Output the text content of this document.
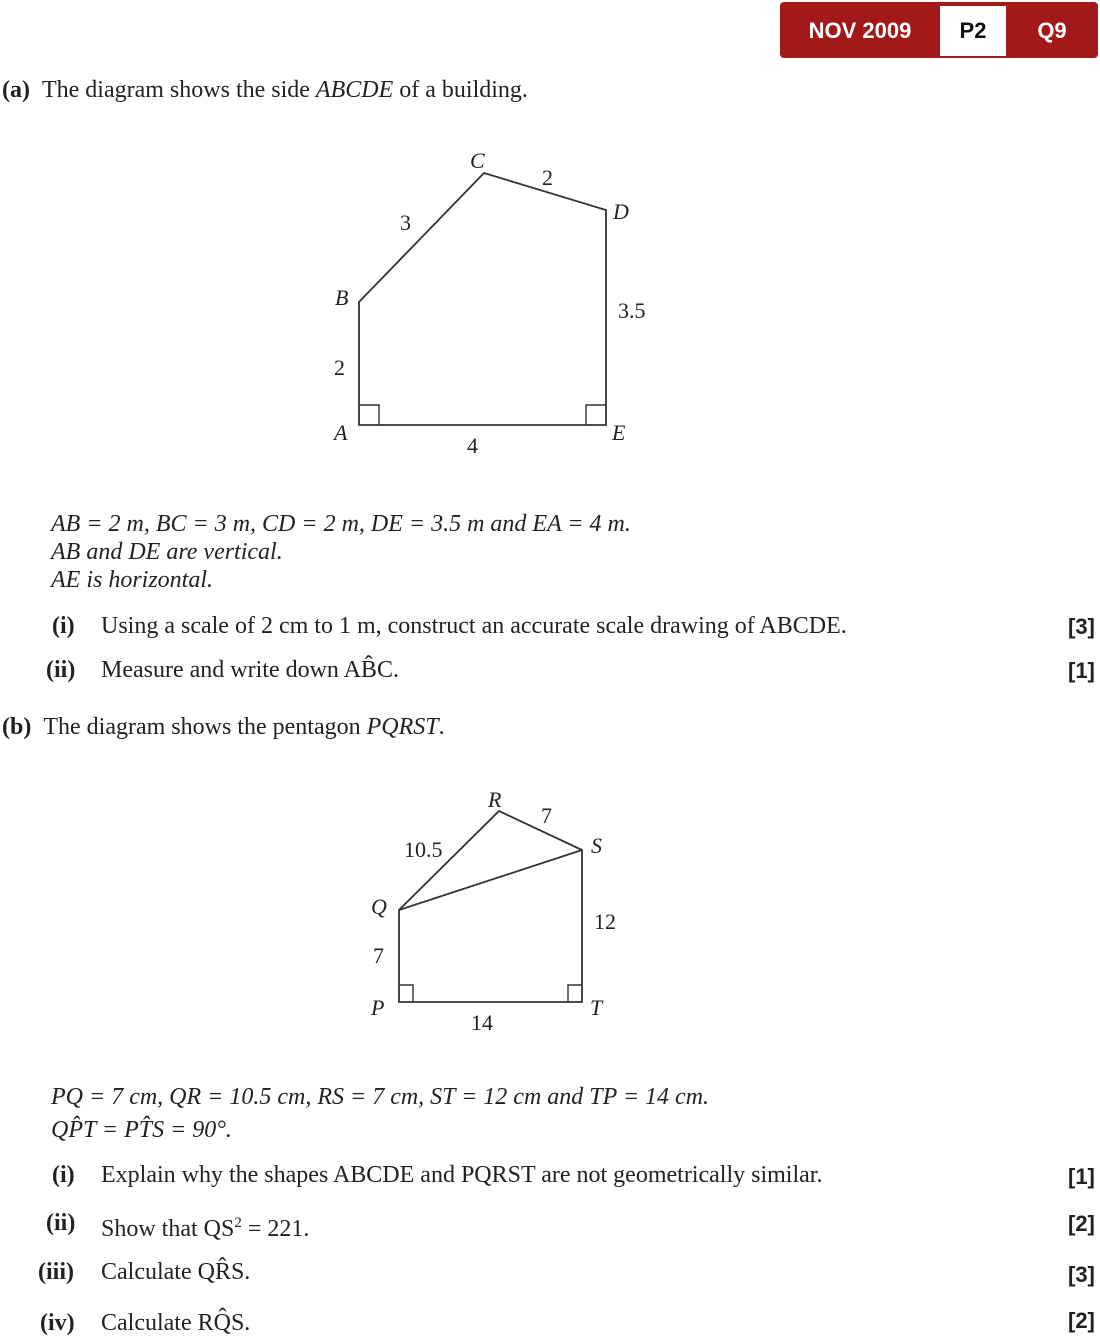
NOV 2009	P2	Q9
(a) The diagram shows the side ABCDE of a building.
A
B
C
D
E
2
3
2
3.5
4
P
Q
R
S
T
7
10.5
7
12
14
AB = 2 m, BC = 3 m, CD = 2 m, DE = 3.5 m and EA = 4 m.
AB and DE are vertical.
AE is horizontal.
(i) Using a scale of 2 cm to 1 m, construct an accurate scale drawing of ABCDE.	[3]
(ii) Measure and write down AB̂C.	[1]
(b) The diagram shows the pentagon PQRST.
PQ = 7 cm, QR = 10.5 cm, RS = 7 cm, ST = 12 cm and TP = 14 cm.
QP̂T = PT̂S = 90°.
(i) Explain why the shapes ABCDE and PQRST are not geometrically similar.	[1]
(ii) Show that $QS^2 = 221$.	[2]
(iii) Calculate QR̂S.	[3]
(iv) Calculate RQ̂S.	[2]
